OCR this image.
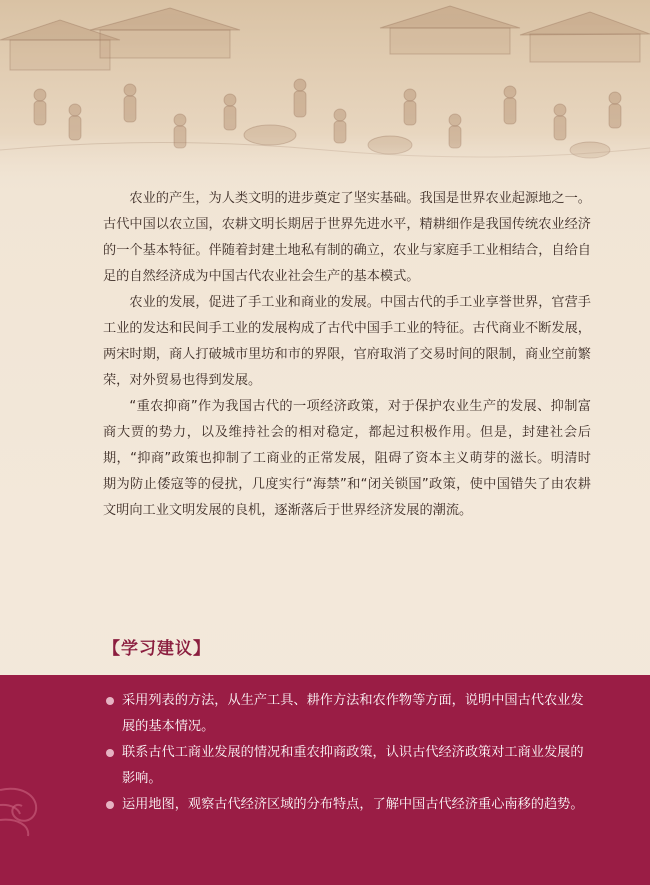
农业的产生，为人类文明的进步奠定了坚实基础。我国是世界农业起源地之一。古代中国以农立国，农耕文明长期居于世界先进水平，精耕细作是我国传统农业经济的一个基本特征。伴随着封建土地私有制的确立，农业与家庭手工业相结合，自给自足的自然经济成为中国古代农业社会生产的基本模式。

农业的发展，促进了手工业和商业的发展。中国古代的手工业享誉世界，官营手工业的发达和民间手工业的发展构成了古代中国手工业的特征。古代商业不断发展，两宋时期，商人打破城市里坊和市的界限，官府取消了交易时间的限制，商业空前繁荣，对外贸易也得到发展。

“重农抑商”作为我国古代的一项经济政策，对于保护农业生产的发展、抑制富商大贾的势力，以及维持社会的相对稳定，都起过积极作用。但是，封建社会后期，“抑商”政策也抑制了工商业的正常发展，阻碍了资本主义萌芽的滋长。明清时期为防止倭寇等的侵扰，几度实行“海禁”和“闭关锁国”政策，使中国错失了由农耕文明向工业文明发展的良机，逐渐落后于世界经济发展的潮流。

【学习建议】
采用列表的方法，从生产工具、耕作方法和农作物等方面，说明中国古代农业发展的基本情况。
联系古代工商业发展的情况和重农抑商政策，认识古代经济政策对工商业发展的影响。
运用地图，观察古代经济区域的分布特点，了解中国古代经济重心南移的趋势。
